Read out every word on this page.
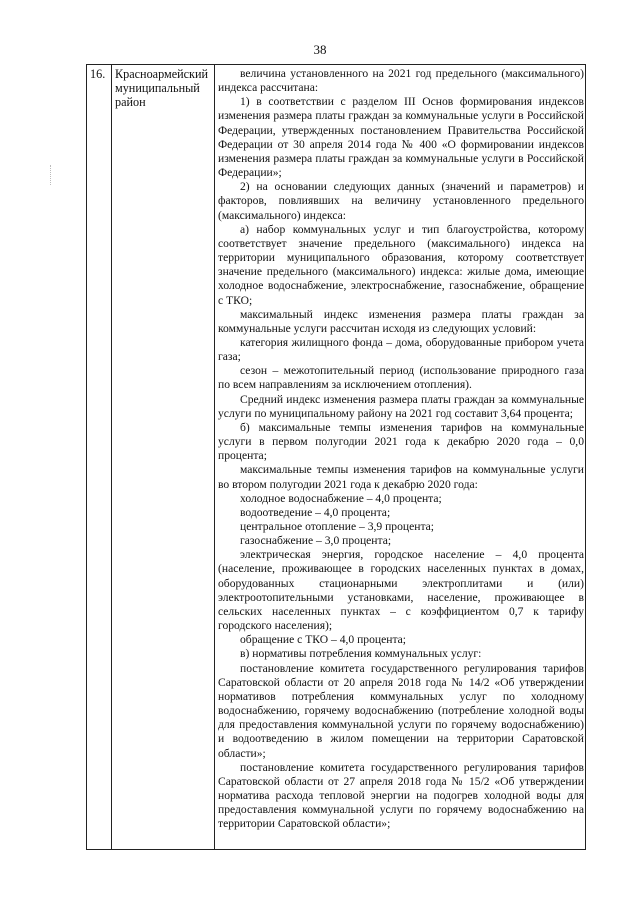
38
16. Красноармейский муниципальный район

величина установленного на 2021 год предельного (максимального) индекса рассчитана:

1) в соответствии с разделом III Основ формирования индексов изменения размера платы граждан за коммунальные услуги в Российской Федерации, утвержденных постановлением Правительства Российской Федерации от 30 апреля 2014 года № 400 «О формировании индексов изменения размера платы граждан за коммунальные услуги в Российской Федерации»;

2) на основании следующих данных (значений и параметров) и факторов, повлиявших на величину установленного предельного (максимального) индекса:

а) набор коммунальных услуг и тип благоустройства, которому соответствует значение предельного (максимального) индекса на территории муниципального образования, которому соответствует значение предельного (максимального) индекса: жилые дома, имеющие холодное водоснабжение, электроснабжение, газоснабжение, обращение с ТКО;

максимальный индекс изменения размера платы граждан за коммунальные услуги рассчитан исходя из следующих условий:

категория жилищного фонда – дома, оборудованные прибором учета газа;

сезон – межотопительный период (использование природного газа по всем направлениям за исключением отопления).

Средний индекс изменения размера платы граждан за коммунальные услуги по муниципальному району на 2021 год составит 3,64 процента;

б) максимальные темпы изменения тарифов на коммунальные услуги в первом полугодии 2021 года к декабрю 2020 года – 0,0 процента;

максимальные темпы изменения тарифов на коммунальные услуги во втором полугодии 2021 года к декабрю 2020 года:

холодное водоснабжение – 4,0 процента;

водоотведение – 4,0 процента;

центральное отопление – 3,9 процента;

газоснабжение – 3,0 процента;

электрическая энергия, городское население – 4,0 процента (население, проживающее в городских населенных пунктах в домах, оборудованных стационарными электроплитами и (или) электроотопительными установками, население, проживающее в сельских населенных пунктах – с коэффициентом 0,7 к тарифу городского населения);

обращение с ТКО – 4,0 процента;

в) нормативы потребления коммунальных услуг:

постановление комитета государственного регулирования тарифов Саратовской области от 20 апреля 2018 года № 14/2 «Об утверждении нормативов потребления коммунальных услуг по холодному водоснабжению, горячему водоснабжению (потребление холодной воды для предоставления коммунальной услуги по горячему водоснабжению) и водоотведению в жилом помещении на территории Саратовской области»;

постановление комитета государственного регулирования тарифов Саратовской области от 27 апреля 2018 года № 15/2 «Об утверждении норматива расхода тепловой энергии на подогрев холодной воды для предоставления коммунальной услуги по горячему водоснабжению на территории Саратовской области»;
